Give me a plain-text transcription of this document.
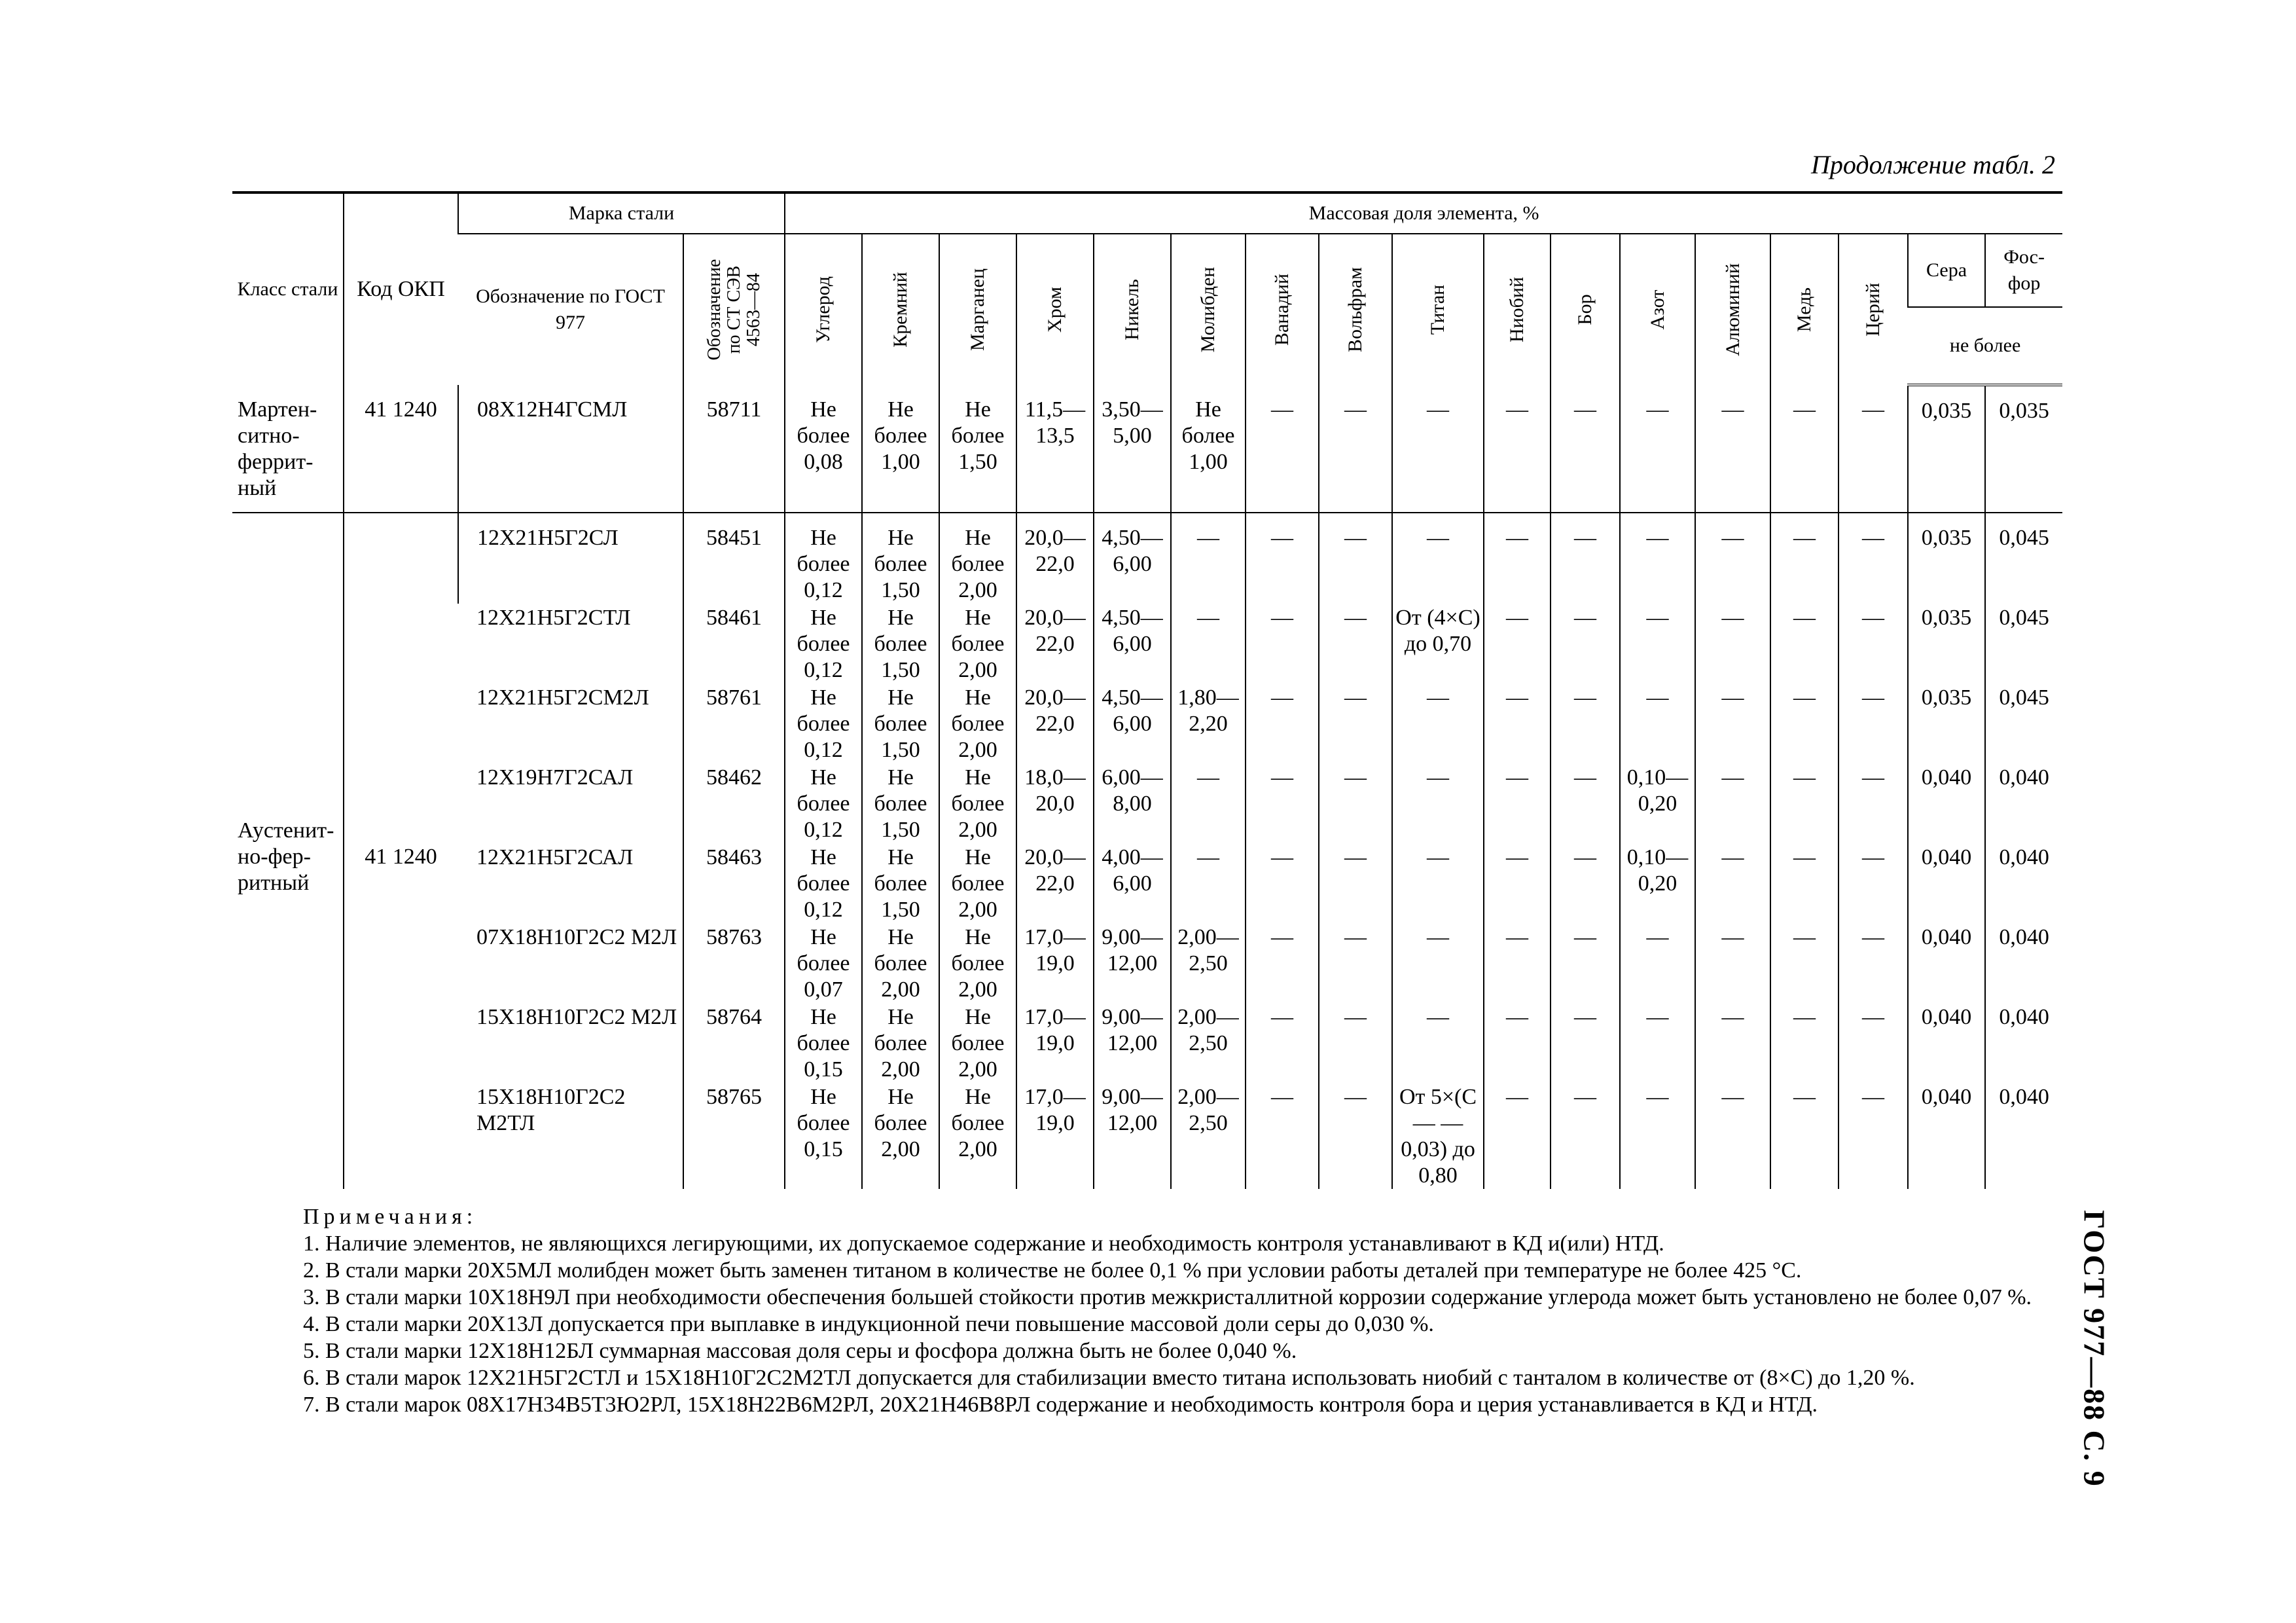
Продолжение табл. 2
ГОСТ 977—88 С. 9
Класс стали	Код ОКП	Марка стали		Массовая доля элемента, %																
		Обозначение по ГОСТ 977	Обозначение
по СТ СЭВ
4563—84	Углерод	Кремний	Марганец	Хром	Никель	Молибден	Ванадий	Вольфрам	Титан	Ниобий	Бор	Азот	Алюминий	Медь	Церий	Сера	Фос-
фор
																			не более	
Мартен-ситно-феррит-ный	41 1240	08Х12Н4ГСМЛ	58711	Не более 0,08	Не более 1,00	Не более 1,50	11,5—13,5	3,50—5,00	Не более 1,00	—	—	—	—	—	—	—	—	—	0,035	0,035
Аустенит-но-фер-ритный	41 1240	12Х21Н5Г2СЛ	58451	Не более 0,12	Не более 1,50	Не более 2,00	20,0—22,0	4,50—6,00	—	—	—	—	—	—	—	—	—	—	0,035	0,045
		12Х21Н5Г2СТЛ	58461	Не более 0,12	Не более 1,50	Не более 2,00	20,0—22,0	4,50—6,00	—	—	—	От (4×С) до 0,70	—	—	—	—	—	—	0,035	0,045
		12Х21Н5Г2СМ2Л	58761	Не более 0,12	Не более 1,50	Не более 2,00	20,0—22,0	4,50—6,00	1,80—2,20	—	—	—	—	—	—	—	—	—	0,035	0,045
		12Х19Н7Г2САЛ	58462	Не более 0,12	Не более 1,50	Не более 2,00	18,0—20,0	6,00—8,00	—	—	—	—	—	—	0,10—0,20	—	—	—	0,040	0,040
		12Х21Н5Г2САЛ	58463	Не более 0,12	Не более 1,50	Не более 2,00	20,0—22,0	4,00—6,00	—	—	—	—	—	—	0,10—0,20	—	—	—	0,040	0,040
		07Х18Н10Г2С2 М2Л	58763	Не более 0,07	Не более 2,00	Не более 2,00	17,0—19,0	9,00—12,00	2,00—2,50	—	—	—	—	—	—	—	—	—	0,040	0,040
		15Х18Н10Г2С2 М2Л	58764	Не более 0,15	Не более 2,00	Не более 2,00	17,0—19,0	9,00—12,00	2,00—2,50	—	—	—	—	—	—	—	—	—	0,040	0,040
		15Х18Н10Г2С2 М2ТЛ	58765	Не более 0,15	Не более 2,00	Не более 2,00	17,0—19,0	9,00—12,00	2,00—2,50	—	—	От 5×(С— —0,03) до 0,80	—	—	—	—	—	—	0,040	0,040
Примечания:

1. Наличие элементов, не являющихся легирующими, их допускаемое содержание и необходимость контроля устанавливают в КД и(или) НТД.

2. В стали марки 20Х5МЛ молибден может быть заменен титаном в количестве не более 0,1 % при условии работы деталей при температуре не более 425 °С.

3. В стали марки 10Х18Н9Л при необходимости обеспечения большей стойкости против межкристаллитной коррозии содержание углерода может быть установлено не более 0,07 %.

4. В стали марки 20Х13Л допускается при выплавке в индукционной печи повышение массовой доли серы до 0,030 %.

5. В стали марки 12Х18Н12БЛ суммарная массовая доля серы и фосфора должна быть не более 0,040 %.

6. В стали марок 12Х21Н5Г2СТЛ и 15Х18Н10Г2С2М2ТЛ допускается для стабилизации вместо титана использовать ниобий с танталом в количестве от (8×С) до 1,20 %.

7. В стали марок 08Х17Н34В5Т3Ю2РЛ, 15Х18Н22В6М2РЛ, 20Х21Н46В8РЛ содержание и необходимость контроля бора и церия устанавливается в КД и НТД.
